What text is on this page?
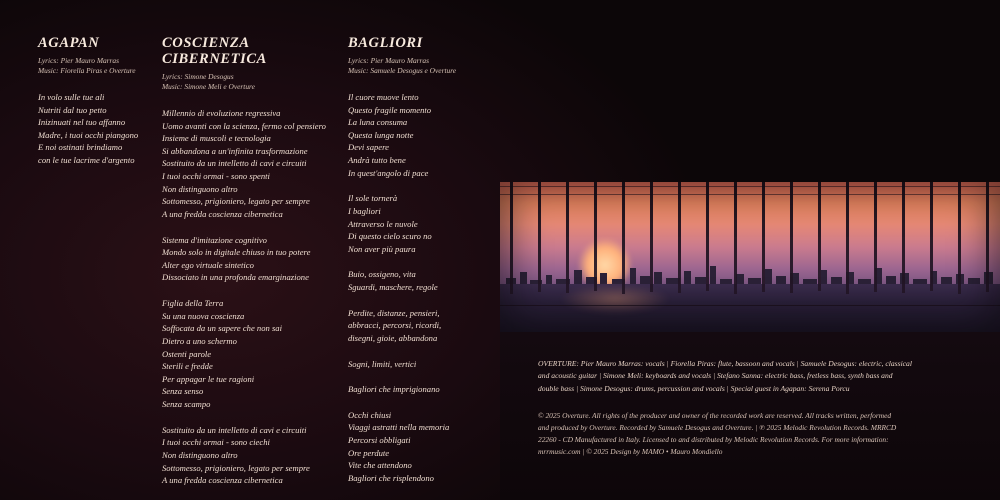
AGAPAN
Lyrics: Pier Mauro Marras
Music: Fiorella Piras e Overture
In volo sulle tue ali
Nutriti dal tuo petto
Inizinuati nel tuo affanno
Madre, i tuoi occhi piangono
E noi ostinati brindiamo
con le tue lacrime d'argento
COSCIENZA CIBERNETICA
Lyrics: Simone Desogus
Music: Simone Meli e Overture
Millennio di evoluzione regressiva
Uomo avanti con la scienza, fermo col pensiero
Insieme di muscoli e tecnologia
Si abbandona a un'infinita trasformazione
Sostituito da un intelletto di cavi e circuiti
I tuoi occhi ormai - sono spenti
Non distinguono altro
Sottomesso, prigioniero, legato per sempre
A una fredda coscienza cibernetica
Sistema d'imitazione cognitivo
Mondo solo in digitale chiuso in tuo potere
Alter ego virtuale sintetico
Dissociato in una profonda emarginazione
Figlia della Terra
Su una nuova coscienza
Soffocata da un sapere che non sai
Dietro a uno schermo
Ostenti parole
Sterili e fredde
Per appagar le tue ragioni
Senza senso
Senza scampo
Sostituito da un intelletto di cavi e circuiti
I tuoi occhi ormai - sono ciechi
Non distinguono altro
Sottomesso, prigioniero, legato per sempre
A una fredda coscienza cibernetica
BAGLIORI
Lyrics: Pier Mauro Marras
Music: Samuele Desogus e Overture
Il cuore muove lento
Questo fragile momento
La luna consuma
Questa lunga notte
Devi sapere
Andrà tutto bene
In quest'angolo di pace
Il sole tornerà
I bagliori
Attraverso le nuvole
Di questo cielo scuro no
Non aver più paura
Buio, ossigeno, vita
Sguardi, maschere, regole
Perdite, distanze, pensieri,
abbracci, percorsi, ricordi,
disegni, gioie, abbandona
Sogni, limiti, vertici
Bagliori che imprigionano
Occhi chiusi
Viaggi astratti nella memoria
Percorsi obbligati
Ore perdute
Vite che attendono
Bagliori che risplendono
OVERTURE: Pier Mauro Marras: vocals | Fiorella Piras: flute, bassoon and vocals | Samuele Desogus: electric, classical
and acoustic guitar | Simone Meli: keyboards and vocals | Stefano Sanna: electric bass, fretless bass, synth bass and
double bass | Simone Desogus: drums, percussion and vocals | Special guest in Agapan: Serena Porcu
© 2025 Overture. All rights of the producer and owner of the recorded work are reserved. All tracks written, performed
and produced by Overture. Recorded by Samuele Desogus and Overture. | ℗ 2025 Melodic Revolution Records. MRRCD
22260 - CD Manufactured in Italy. Licensed to and distributed by Melodic Revolution Records. For more information:
mrrmusic.com | © 2025 Design by MAMO • Mauro Mondiello
